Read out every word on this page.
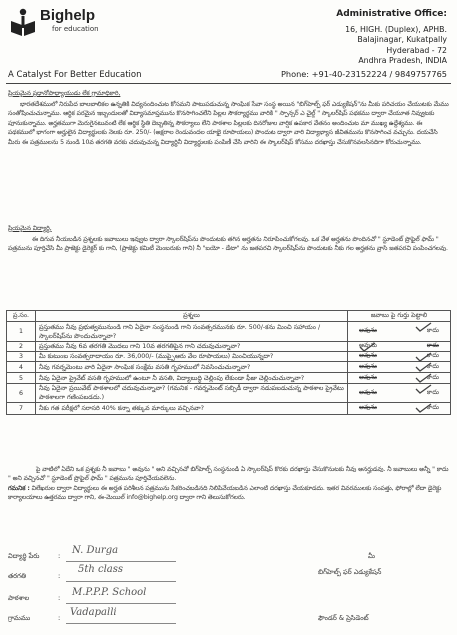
Bighelp
for education
A Catalyst For Better Education
Administrative Office:
16, HIGH. (Duplex), APHB.
Balajinagar, Kukatpally
Hyderabad - 72
Andhra Pradesh, INDIA
Phone: +91-40-23152224 / 9849757765
ప్రియమైన ప్రధానోపాధ్యాయుడు లేక గ్రామాధికారి,
భారతదేశములో నిరుపేద బాలబాలికల ఉన్నతికి విద్యనందించుట కోసమని పాటుపడుచున్న సాంఘిక సేవా సంస్థ అయిన "బిగ్‌హెల్ప్ ఫర్ ఎడ్యుకేషన్"ను మీకు పరిచయం చేయుటకు మేము సంతోషించుచున్నాము. ఆర్థిక పరమైన ఇబ్బందులతో విద్యాసమాప్తమును కొనసాగించలేని పిల్లల సౌకర్యార్థము వారికి " స్పాన్సర్ ఎ చైల్డ్ " స్కాలర్‌షిప్ పథకము ద్వారా చేయూత నివ్వుటకు పూనుకున్నాము. అర్హతముగా మెరుగైనటువంటి లేక ఆర్థిక స్థితి దెబ్బతిన్న సౌకర్యాలు లేని పాఠశాల పిల్లలకు దినరోజుల వార్షిక ఉపకార వేతనం అందించుట మా ముఖ్య ఉద్దేశ్యము. ఈ పథకములో భాగంగా అర్హులైన విద్యార్థులకు నెలకు రూ. 250/- (అక్షరాల రెండువందల యాభై రూపాయలు) పొందుట ద్వారా వారి విద్యాభ్యాస జీవితమును కొనసాగించ వచ్చును. దయచేసి మీరు ఈ పత్రములను 5 నుండి 10వ తరగతి వరకు చదువుచున్న విద్యార్థినీ విద్యార్థులకు పంపిణీ చేసి వారిని ఈ స్కాలర్‌షిప్ కోసము దరఖాస్తు చేసుకొనవలసినదిగా కోరుచున్నాము.
ప్రియమైన విద్యార్థి,
ఈ దిగువ నీయబడిన ప్రశ్నలకు జవాబులు ఇవ్వుట ద్వారా స్కాలర్‌షిప్‌ను పొందుటకు తగిన అర్హతను నిరూపించుకోగలవు. ఒక వేళ అర్హతను పొందినచో " స్టూడెంట్ ప్రొఫైల్ ఫామ్ " పత్రమును పూర్తిచేసి మీ ప్రాజెక్టు డైరెక్టర్ కు గాని, (ప్రాజెక్టు కమిటీ మెంబరుకు గాని) నీ "బయో - డేటా" ను జతపరచి స్కాలర్‌షిప్‌ను పొందుటకు నీకు గల అర్హతను వ్రాసి జతపరచి పంపించగలవు.
ప్ర.సం.	ప్రశ్నలు	జవాబు పై గుర్తు పెట్టాలి
1	ప్రస్తుతము నీవు ప్రభుత్వమునుండి గాని ఏదైనా సంస్థనుండి గాని సంవత్సరమునకు రూ. 500/-కను మించి సహాయం / స్కాలర్‌షిప్‌ను పొందుచున్నావా?	అవును కాదు

2	ప్రస్తుతము నీవు 6వ తరగతి మొదలు గాని 10వ తరగతిపైన గాని చదువుచున్నావా?	అవును కాదు

3	మీ కుటుంబ సంవత్సరాదాయం రూ. 36,000/- (ముప్పైఆరు వేల రూపాయలు) మించియున్నదా?	అవును కాదు

4	నీవు గవర్నమెంటు వారి ఏదైనా సాంఘిక సంక్షేమ వసతి గృహములో నివసించుచున్నావా?	అవును కాదు

5	నీవు ఏదైనా ప్రైవేట్ వసతి గృహములో ఉంటూ నీ వసతి, విద్యాబుద్ధి చెల్లింపు లేకుండా ఫీజు చెల్లించుచున్నావా?	అవును కాదు

6	నీవు ఏదైనా ప్రయివేట్ పాఠశాలలో చదువుచున్నావా? (గమనిక - గవర్నమెంట్ సబ్సిడీ ద్వారా నడుపబడుచున్న పాఠశాల ప్రైవేటు పాఠశాలగా గణింపబడదు.)	అవును కాదు

7	నీకు గత పరీక్షలో సరాసరి 40% కన్నా తక్కువ మార్కులు వచ్చినవా?	అవును కాదు
పై వాటిలో ఏదేని ఒక ప్రశ్నకు నీ జవాబు " అవును " అని వచ్చినచో బిగ్‌హెల్ప్ సంస్థనుండి ఏ స్కాలర్‌షిప్ కొరకు దరఖాస్తు చేసుకొనుటకు నీవు అనర్హుడవు. నీ జవాబులు అన్నీ " కాదు " అని వచ్చినచో " స్టూడెంట్ ప్రొఫైల్ ఫామ్ " పత్రమును పూర్తిచేయవలెను.
గమనిక : విలేఖరుల ద్వారా విద్యార్థులు ఈ అర్హత పరిశీలన పత్రమును సేకరించబడినది నిలిపివేయబడిన ఎలాంటి దరఖాస్తు చేయకూడదు. ఇతర వివరములకు సంపత్తు, ఫోరాల్లో లేదా డైరెక్టు కార్యాలయాలు ఉత్తరము ద్వారా గాని, ఈ-మెయిల్ info@bighelp.org ద్వారా గాని తెలుసుకోగలరు.
విద్యార్థి పేరు	: N. Durga
తరగతి	:
5th class
పాఠశాల	: M.P.P.P. School
గ్రామము	: Vadapalli
మీ
బిగ్‌హెల్ప్ ఫర్ ఎడ్యుకేషన్
ఫౌండర్ & ప్రెసిడెంట్
